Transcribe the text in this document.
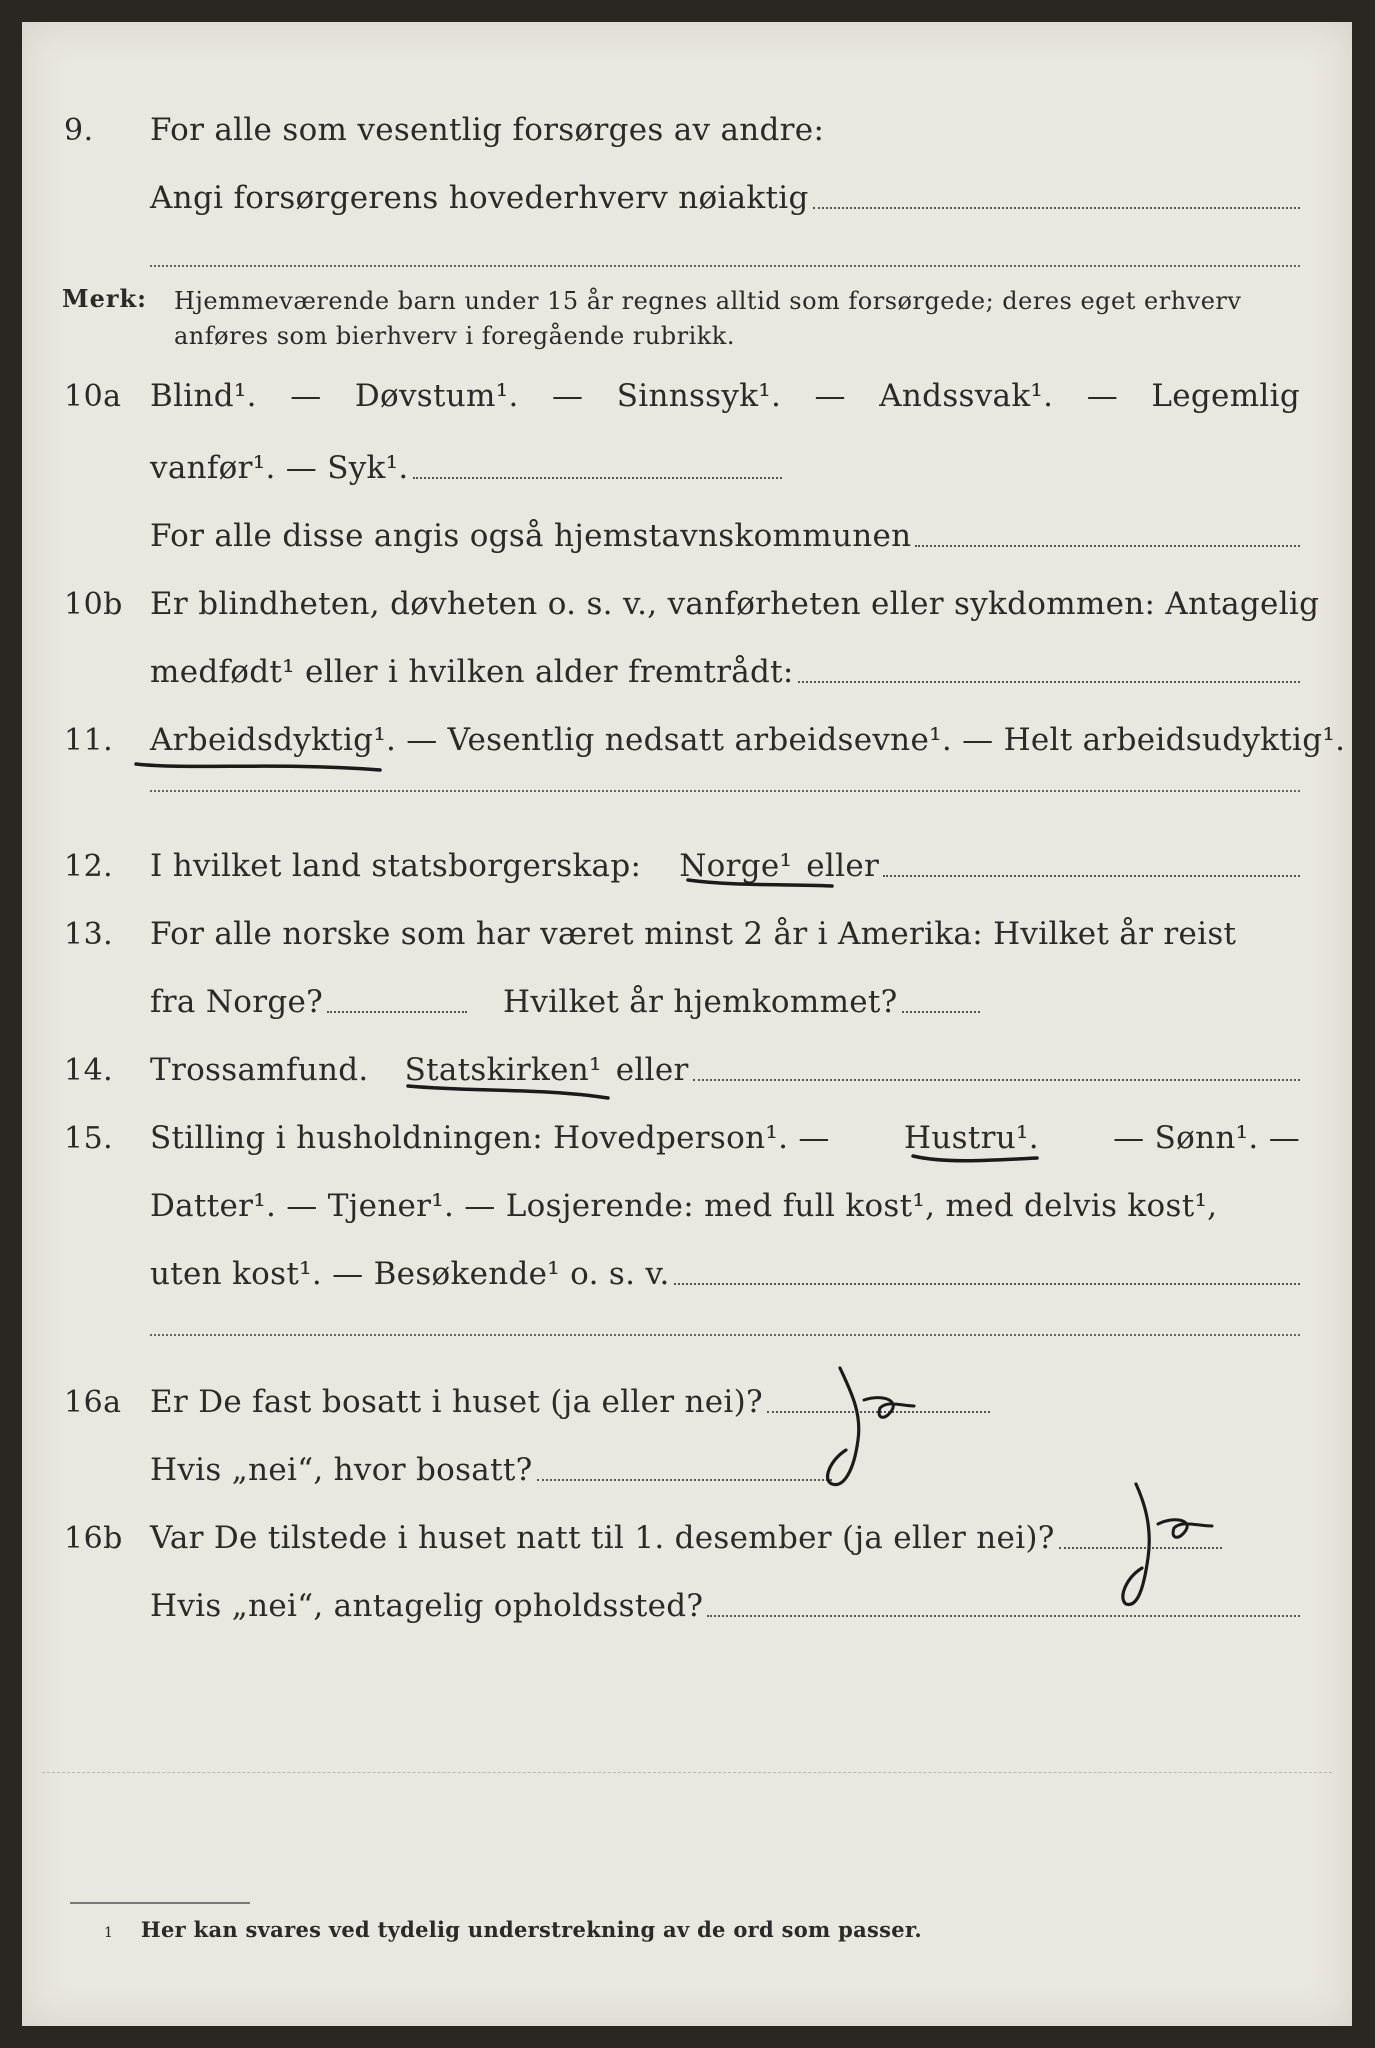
9. For alle som vesentlig forsørges av andre:
Angi forsørgerens hovederhverv nøiaktig
Merk: Hjemmeværende barn under 15 år regnes alltid som forsørgede; deres eget erhverv anføres som bierhverv i foregående rubrikk.
10a Blind¹. — Døvstum¹. — Sinnssyk¹. — Andssvak¹. — Legemlig
vanfør¹. — Syk¹.
For alle disse angis også hjemstavnskommunen
10b Er blindheten, døvheten o. s. v., vanførheten eller sykdommen: Antagelig
medfødt¹ eller i hvilken alder fremtrådt:
11. Arbeidsdyktig¹. — Vesentlig nedsatt arbeidsevne¹. — Helt arbeidsudyktig¹.
12. I hvilket land statsborgerskap: Norge¹ eller
13. For alle norske som har været minst 2 år i Amerika: Hvilket år reist
fra Norge?	Hvilket år hjemkommet?
14. Trossamfund. Statskirken¹ eller
15. Stilling i husholdningen: Hovedperson¹. — Hustru¹. — Sønn¹. —
Datter¹. — Tjener¹. — Losjerende: med full kost¹, med delvis kost¹,
uten kost¹. — Besøkende¹ o. s. v.
16a Er De fast bosatt i huset (ja eller nei)?
Hvis „nei“, hvor bosatt?
16b Var De tilstede i huset natt til 1. desember (ja eller nei)?
Hvis „nei“, antagelig opholdssted?
1 Her kan svares ved tydelig understrekning av de ord som passer.
